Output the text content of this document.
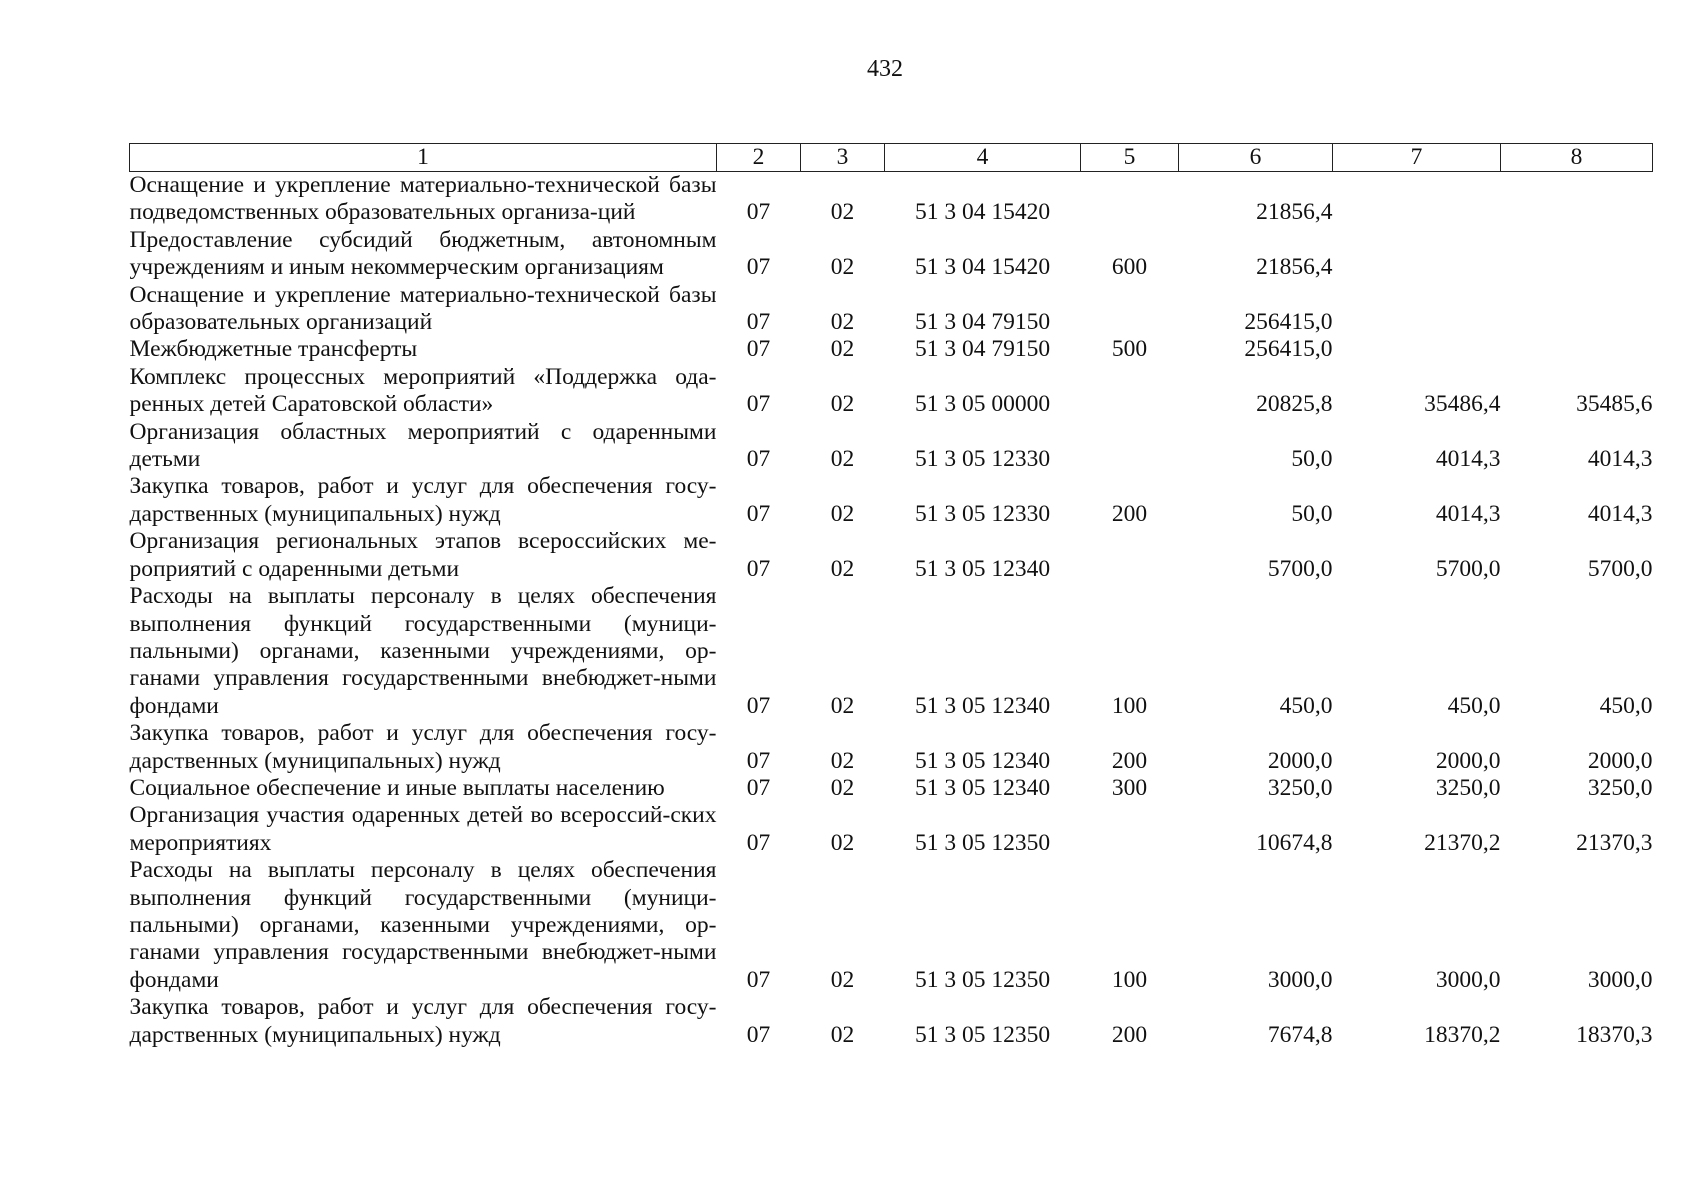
432
1	2	3	4	5	6	7	8
Оснащение и укрепление материально-технической базы подведомственных образовательных организа-ций	07	02	51 3 04 15420		21856,4		
Предоставление субсидий бюджетным, автономным учреждениям и иным некоммерческим организациям	07	02	51 3 04 15420	600	21856,4		
Оснащение и укрепление материально-технической базы образовательных организаций	07	02	51 3 04 79150		256415,0		
Межбюджетные трансферты	07	02	51 3 04 79150	500	256415,0		
Комплекс процессных мероприятий «Поддержка ода-ренных детей Саратовской области»	07	02	51 3 05 00000		20825,8	35486,4	35485,6
Организация областных мероприятий с одаренными детьми	07	02	51 3 05 12330		50,0	4014,3	4014,3
Закупка товаров, работ и услуг для обеспечения госу-дарственных (муниципальных) нужд	07	02	51 3 05 12330	200	50,0	4014,3	4014,3
Организация региональных этапов всероссийских ме-роприятий с одаренными детьми	07	02	51 3 05 12340		5700,0	5700,0	5700,0
Расходы на выплаты персоналу в целях обеспечения выполнения функций государственными (муници-пальными) органами, казенными учреждениями, ор-ганами управления государственными внебюджет-ными фондами	07	02	51 3 05 12340	100	450,0	450,0	450,0
Закупка товаров, работ и услуг для обеспечения госу-дарственных (муниципальных) нужд	07	02	51 3 05 12340	200	2000,0	2000,0	2000,0
Социальное обеспечение и иные выплаты населению	07	02	51 3 05 12340	300	3250,0	3250,0	3250,0
Организация участия одаренных детей во всероссий-ских мероприятиях	07	02	51 3 05 12350		10674,8	21370,2	21370,3
Расходы на выплаты персоналу в целях обеспечения выполнения функций государственными (муници-пальными) органами, казенными учреждениями, ор-ганами управления государственными внебюджет-ными фондами	07	02	51 3 05 12350	100	3000,0	3000,0	3000,0
Закупка товаров, работ и услуг для обеспечения госу-дарственных (муниципальных) нужд	07	02	51 3 05 12350	200	7674,8	18370,2	18370,3
